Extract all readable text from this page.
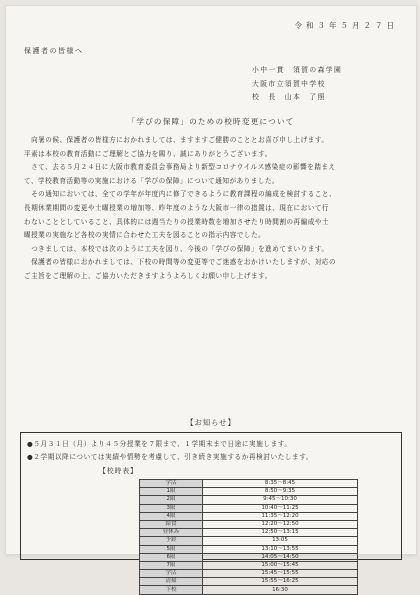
令和３年５月２７日
保護者の皆様へ
小中一貫　須賀の森学園
大阪市立須賀中学校
校　長　山本　了照
「学びの保障」のための校時変更について

　向暑の候、保護者の皆様方におかれましては、ますますご健勝のこととお喜び申し上げます。

平素は本校の教育活動にご理解とご協力を賜り、誠にありがとうございます。

　さて、去る５月２４日に大阪市教育委員会事務局より新型コロナウイルス感染症の影響を踏まえ

て、学校教育活動等の実施における「学びの保障」について通知がありました。

　その通知においては、全ての学年が年度内に修了できるように教育課程の編成を検討すること、

長期休業期間の変更や土曜授業の増加等、昨年度のような大阪市一律の措置は、現在において行

わないこととしていること、具体的には週当たりの授業時数を増加させたり時間割の再編成や土

曜授業の実施など各校の実情に合わせた工夫を図ることの指示内容でした。

　つきましては、本校では次のように工夫を図り、今後の「学びの保障」を進めてまいります。

　保護者の皆様におかれましては、下校の時間等の変更等でご迷惑をおかけいたしますが、対応の

ご主旨をご理解の上、ご協力いただきますようよろしくお願い申し上げます。

【お知らせ】
●５月３１日（月）より４５分授業を７限まで、１学期末まで日途に実施します。
●２学期以降については実績や情勢を考慮して、引き続き実施するか再検討いたします。
【校時表】
学活	8:35〜8:45
1限	8:50〜9:35
2限	9:45〜10:30
3限	10:40〜11:25
4限	11:35〜12:20
給食	12:20〜12:50
昼休み	12:50〜13:15
予鈴	13:05
5限	13:10〜13:55
6限	14:05〜14:50
7限	15:00〜15:45
学活	15:45〜15:55
清掃	15:55〜16:25
下校	16:30
